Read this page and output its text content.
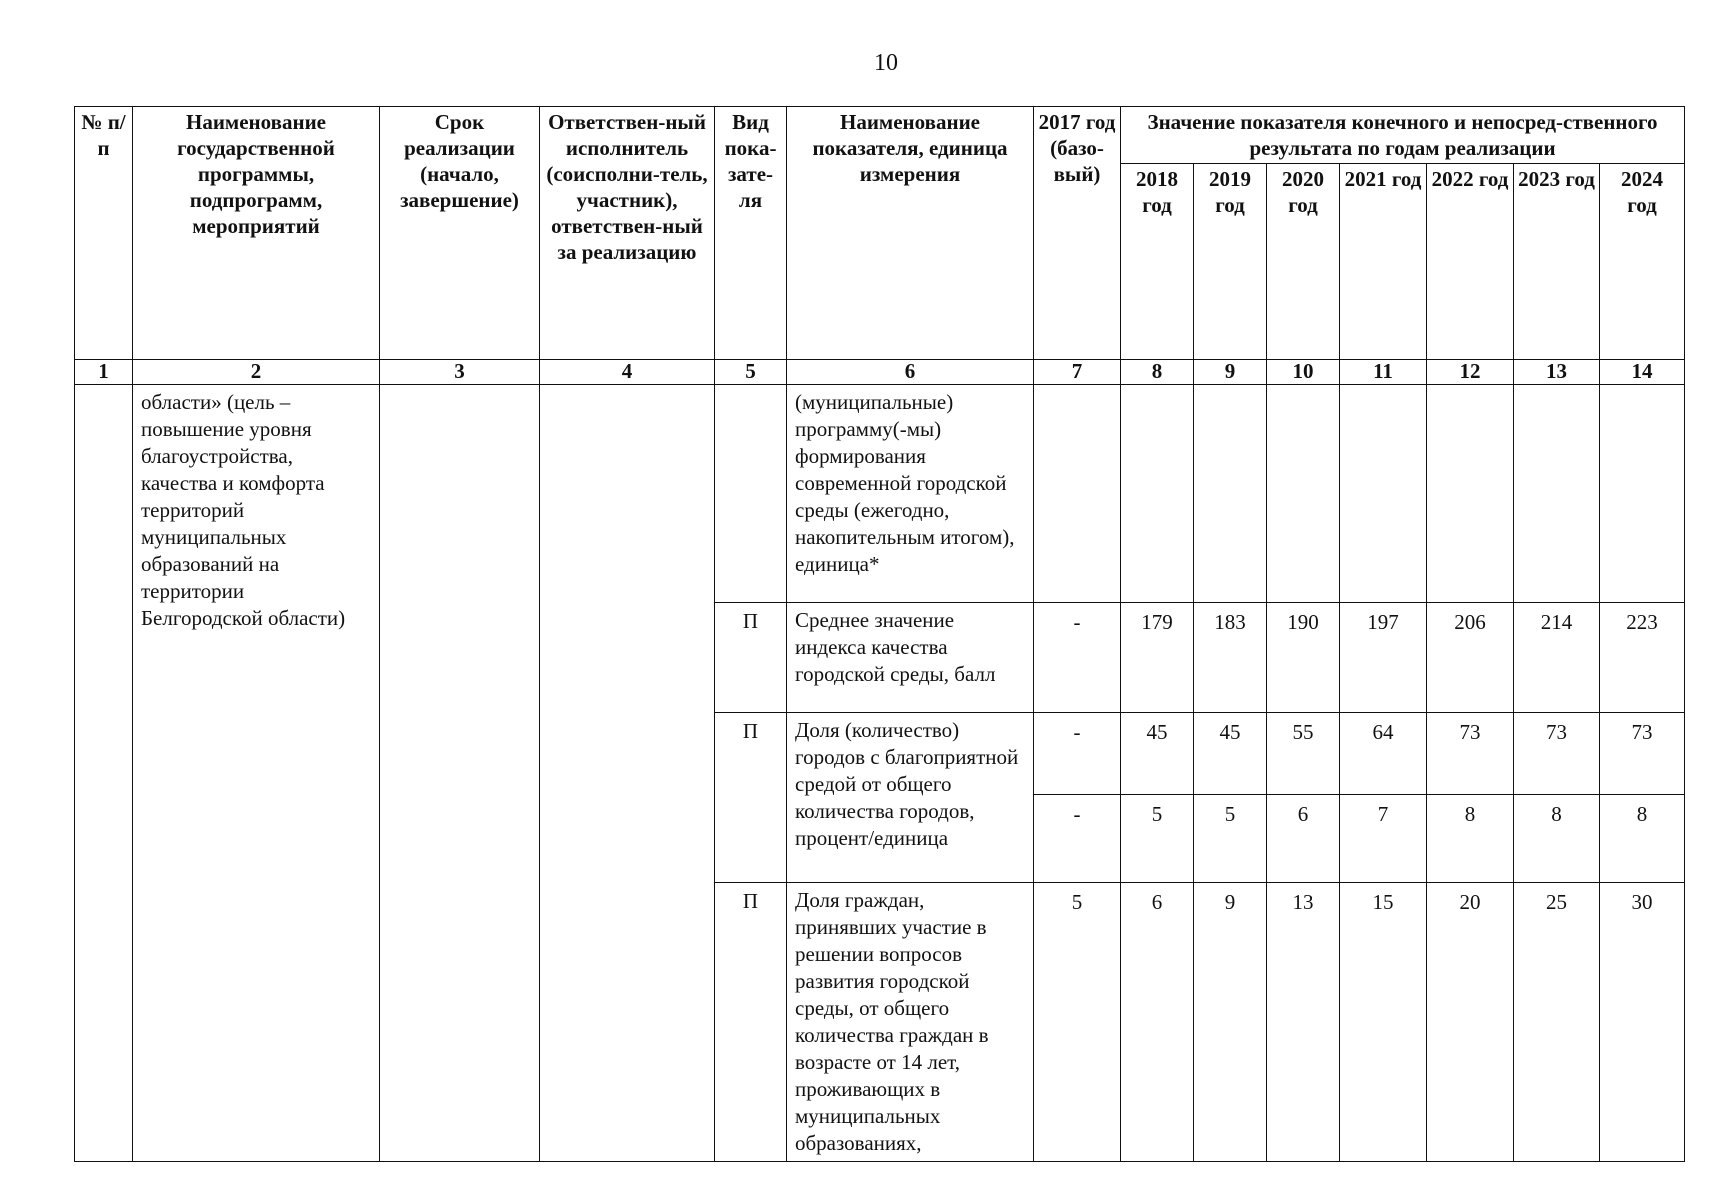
10
№ п/п	Наименование государственной программы, подпрограмм, мероприятий	Срок реализации (начало, завершение)	Ответствен-ный исполнитель (соисполни-тель, участник), ответствен-ный за реализацию	Вид пока-зате-ля	Наименование показателя, единица измерения	2017 год (базо-вый)	Значение показателя конечного и непосред-ственного результата по годам реализации						
							2018 год	2019 год	2020 год	2021 год	2022 год	2023 год	2024 год
1	2	3	4	5	6	7	8	9	10	11	12	13	14
	области» (цель – повышение уровня благоустройства, качества и комфорта территорий муниципальных образований на территории Белгородской области)				(муниципальные) программу(-мы) формирования современной городской среды (ежегодно, накопительным итогом), единица*								
				П	Среднее значение индекса качества городской среды, балл	-	179	183	190	197	206	214	223
				П	Доля (количество) городов с благоприятной средой от общего количества городов, процент/единица	-	45	45	55	64	73	73	73
						-	5	5	6	7	8	8	8
				П	Доля граждан, принявших участие в решении вопросов развития городской среды, от общего количества граждан в возрасте от 14 лет, проживающих в муниципальных образованиях,	5	6	9	13	15	20	25	30
